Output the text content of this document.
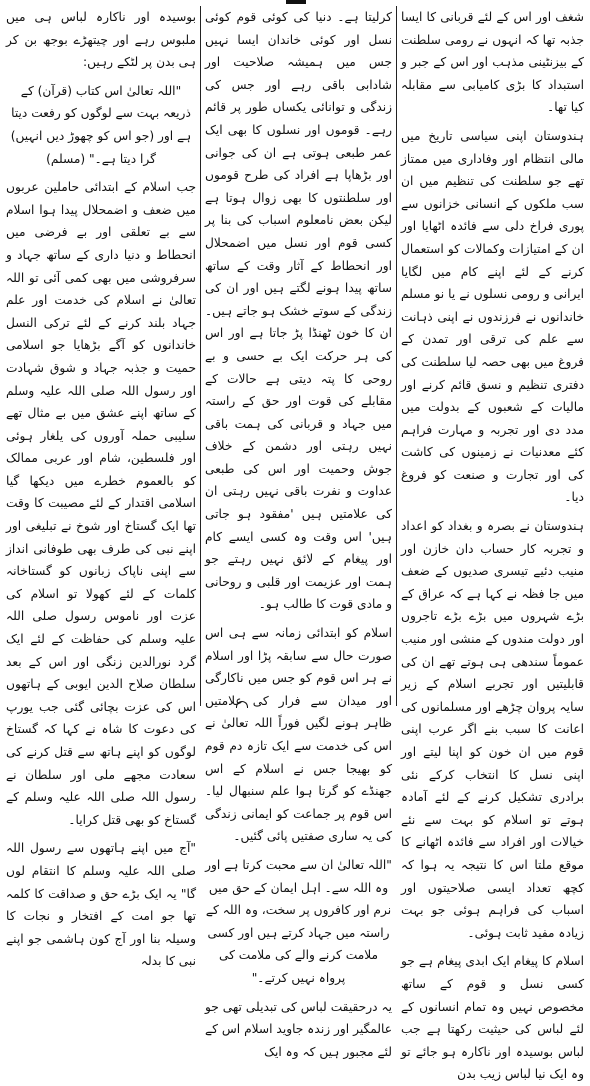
شغف اور اس کے لئے قربانی کا ایسا جذبہ تھا کہ انہوں نے رومی سلطنت کے بیزنٹینی مذہب اور اس کے جبر و استبداد کا بڑی کامیابی سے مقابلہ کیا تھا۔

ہندوستان اپنی سیاسی تاریخ میں مالی انتظام اور وفاداری میں ممتاز تھے جو سلطنت کی تنظیم میں ان سب ملکوں کے انسانی خزانوں سے پوری فراخ دلی سے فائدہ اٹھایا اور ان کے امتیازات وکمالات کو استعمال کرنے کے لئے اپنے کام میں لگایا ایرانی و رومی نسلوں نے یا نو مسلم خاندانوں نے فرزندوں نے اپنی ذہانت سے علم کی ترقی اور تمدن کے فروغ میں بھی حصہ لیا سلطنت کی دفتری تنظیم و نسق قائم کرنے اور مالیات کے شعبوں کے بدولت میں مدد دی اور تجربہ و مہارت فراہم کئے معدنیات نے زمینوں کی کاشت کی اور تجارت و صنعت کو فروغ دیا۔

ہندوستان نے بصرہ و بغداد کو اعداد و تجربہ کار حساب دان خازن اور منیب دئیے تیسری صدیوں کے ضعف میں جا فظہ نے کہا ہے کہ عراق کے بڑے شہروں میں بڑے بڑے تاجروں اور دولت مندوں کے منشی اور منیب عموماً سندھی ہی ہوتے تھے ان کی قابلیتیں اور تجربے اسلام کے زیر سایہ پروان چڑھے اور مسلمانوں کی اعانت کا سبب بنے اگر عرب اپنی قوم میں ان خون کو اپنا لیتے اور اپنی نسل کا انتخاب کرکے نئی برادری تشکیل کرنے کے لئے آمادہ ہوتے تو اسلام کو بہت سے نئے خیالات اور افراد سے فائدہ اٹھانے کا موقع ملتا اس کا نتیجہ یہ ہوا کہ کچھ تعداد ایسی صلاحیتوں اور اسباب کی فراہم ہوئی جو بہت زیادہ مفید ثابت ہوئی۔

اسلام کا پیغام ایک ابدی پیغام ہے جو کسی نسل و قوم کے ساتھ مخصوص نہیں وہ تمام انسانوں کے لئے لباس کی حیثیت رکھتا ہے جب لباس بوسیدہ اور ناکارہ ہو جائے تو وہ ایک نیا لباس زیب بدن

کرلیتا ہے۔ دنیا کی کوئی قوم کوئی نسل اور کوئی خاندان ایسا نہیں جس میں ہمیشہ صلاحیت اور شادابی باقی رہے اور جس کی زندگی و توانائی یکساں طور پر قائم رہے۔ قوموں اور نسلوں کا بھی ایک عمر طبعی ہوتی ہے ان کی جوانی اور بڑھاپا ہے افراد کی طرح قوموں اور سلطنتوں کا بھی زوال ہوتا ہے لیکن بعض نامعلوم اسباب کی بنا پر کسی قوم اور نسل میں اضمحلال اور انحطاط کے آثار وقت کے ساتھ ساتھ پیدا ہونے لگتے ہیں اور ان کی زندگی کے سوتے خشک ہو جاتے ہیں۔ ان کا خون ٹھنڈا پڑ جاتا ہے اور اس کی ہر حرکت ایک بے حسی و بے روحی کا پتہ دیتی ہے حالات کے مقابلے کی قوت اور حق کے راستہ میں جہاد و قربانی کی ہمت باقی نہیں رہتی اور دشمن کے خلاف جوش وحمیت اور اس کی طبعی عداوت و نفرت باقی نہیں رہتی ان کی علامتیں ہیں 'مفقود ہو جاتی ہیں' اس وقت وہ کسی ایسے کام اور پیغام کے لائق نہیں رہتے جو ہمت اور عزیمت اور قلبی و روحانی و مادی قوت کا طالب ہو۔

اسلام کو ابتدائی زمانہ سے ہی اس صورت حال سے سابقہ پڑا اور اسلام نے ہر اس قوم کو جس میں ناکارگی اور میدان سے فرار کی علامتیں ظاہر ہونے لگیں فوراً اللہ تعالیٰ نے اس کی خدمت سے ایک تازہ دم قوم کو بھیجا جس نے اسلام کے اس جھنڈے کو گرتا ہوا علم سنبھال لیا۔ اس قوم پر جماعت کو ایمانی زندگی کی یہ ساری صفتیں پائی گئیں۔

"اللہ تعالیٰ ان سے محبت کرتا ہے اور وہ اللہ سے۔ اہل ایمان کے حق میں نرم اور کافروں پر سخت، وہ اللہ کے راستہ میں جہاد کرتے ہیں اور کسی ملامت کرنے والے کی ملامت کی پرواہ نہیں کرتے۔"

یہ درحقیقت لباس کی تبدیلی تھی جو عالمگیر اور زندہ جاوید اسلام اس کے لئے مجبور ہیں کہ وہ ایک

بوسیدہ اور ناکارہ لباس ہی میں ملبوس رہے اور چیتھڑے بوجھ بن کر ہی بدن پر لٹکے رہیں:

"اللہ تعالیٰ اس کتاب (قرآن) کے ذریعہ بہت سے لوگوں کو رفعت دیتا ہے اور (جو اس کو چھوڑ دیں انہیں) گرا دیتا ہے۔" (مسلم)

جب اسلام کے ابتدائی حاملین عربوں میں ضعف و اضمحلال پیدا ہوا اسلام سے بے تعلقی اور بے فرضی میں انحطاط و دنیا داری کے ساتھ جہاد و سرفروشی میں بھی کمی آئی تو اللہ تعالیٰ نے اسلام کی خدمت اور علم جہاد بلند کرنے کے لئے ترکی النسل خاندانوں کو آگے بڑھایا جو اسلامی حمیت و جذبہ جہاد و شوق شہادت اور رسول اللہ صلی اللہ علیہ وسلم کے ساتھ اپنے عشق میں بے مثال تھے سلیبی حملہ آوروں کی یلغار ہوئی اور فلسطین، شام اور عربی ممالک کو بالعموم خطرے میں دیکھا گیا اسلامی اقتدار کے لئے مصیبت کا وقت تھا ایک گستاخ اور شوخ نے تبلیغی اور اپنے نبی کی طرف بھی طوفانی انداز سے اپنی ناپاک زبانوں کو گستاخانہ کلمات کے لئے کھولا تو اسلام کی عزت اور ناموس رسول صلی اللہ علیہ وسلم کی حفاظت کے لئے ایک گرد نورالدین زنگی اور اس کے بعد سلطان صلاح الدین ایوبی کے ہاتھوں اس کی عزت بچائی گئی جب یورپ کی دعوت کا شاہ نے کہا کہ گستاخ لوگوں کو اپنے ہاتھ سے قتل کرنے کی سعادت مجھے ملی اور سلطان نے رسول اللہ صلی اللہ علیہ وسلم کے گستاخ کو بھی قتل کرایا۔

"آج میں اپنے ہاتھوں سے رسول اللہ صلی اللہ علیہ وسلم کا انتقام لوں گا" یہ ایک بڑے حق و صداقت کا کلمہ تھا جو امت کے افتخار و نجات کا وسیلہ بنا اور آج کون ہاشمی جو اپنے نبی کا بدلہ
